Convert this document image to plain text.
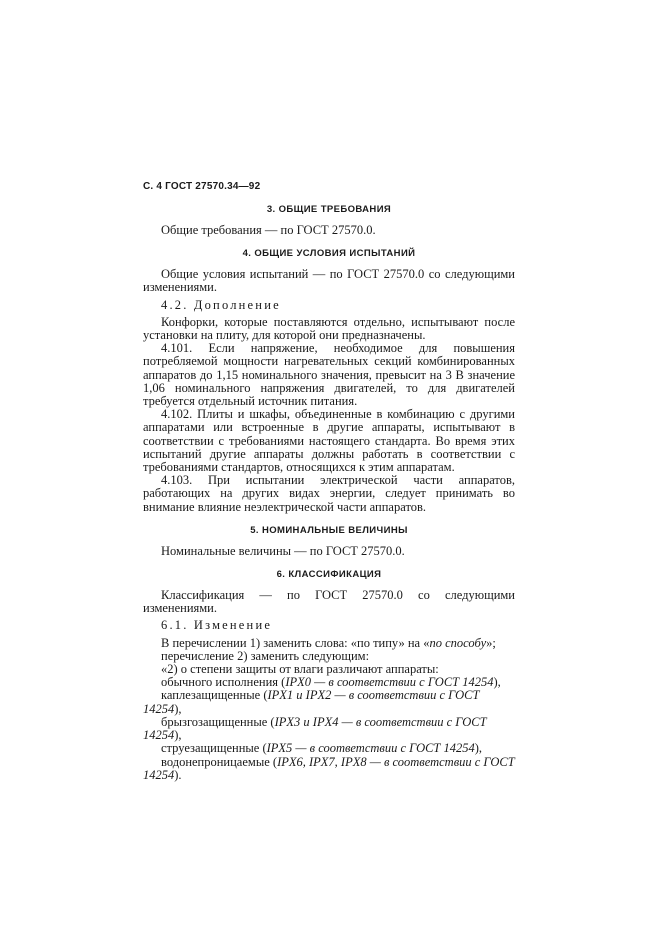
С. 4 ГОСТ 27570.34—92
3. ОБЩИЕ ТРЕБОВАНИЯ

Общие требования — по ГОСТ 27570.0.

4. ОБЩИЕ УСЛОВИЯ ИСПЫТАНИЙ

Общие условия испытаний — по ГОСТ 27570.0 со следующими изменениями.

4.2. Дополнение

Конфорки, которые поставляются отдельно, испытывают после установки на плиту, для которой они предназначены.

4.101. Если напряжение, необходимое для повышения потребляемой мощности нагревательных секций комбинированных аппаратов до 1,15 номинального значения, превысит на 3 В значение 1,06 номинального напряжения двигателей, то для двигателей требуется отдельный источник питания.

4.102. Плиты и шкафы, объединенные в комбинацию с другими аппаратами или встроенные в другие аппараты, испытывают в соответствии с требованиями настоящего стандарта. Во время этих испытаний другие аппараты должны работать в соответствии с требованиями стандартов, относящихся к этим аппаратам.

4.103. При испытании электрической части аппаратов, работающих на других видах энергии, следует принимать во внимание влияние неэлектрической части аппаратов.

5. НОМИНАЛЬНЫЕ ВЕЛИЧИНЫ

Номинальные величины — по ГОСТ 27570.0.

6. КЛАССИФИКАЦИЯ

Классификация — по ГОСТ 27570.0 со следующими изменениями.

6.1. Изменение

В перечислении 1) заменить слова: «по типу» на «по способу»;

перечисление 2) заменить следующим:

«2) о степени защиты от влаги различают аппараты:

обычного исполнения (IPX0 — в соответствии с ГОСТ 14254),

каплезащищенные (IPX1 и IPX2 — в соответствии с ГОСТ 14254),

брызгозащищенные (IPX3 и IPX4 — в соответствии с ГОСТ 14254),

струезащищенные (IPX5 — в соответствии с ГОСТ 14254),

водонепроницаемые (IPX6, IPX7, IPX8 — в соответствии с ГОСТ 14254).
